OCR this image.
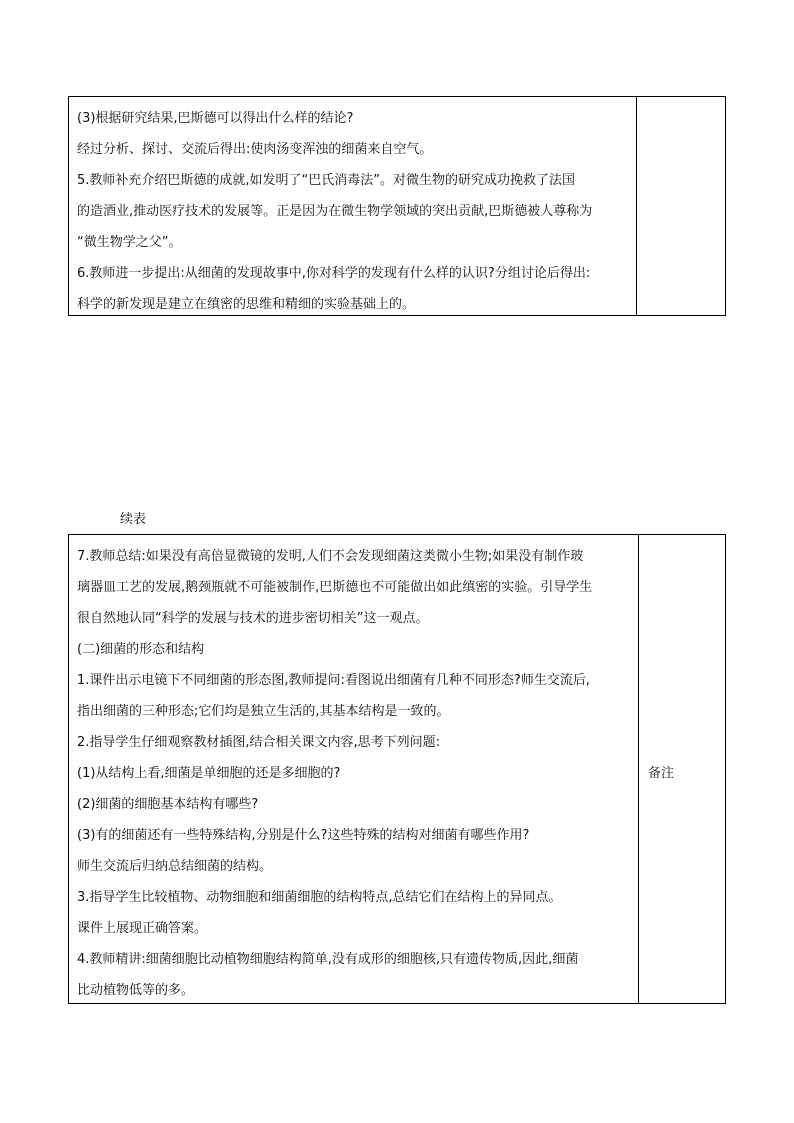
(3)根据研究结果,巴斯德可以得出什么样的结论?

经过分析、探讨、交流后得出:使肉汤变浑浊的细菌来自空气。

5.教师补充介绍巴斯德的成就,如发明了“巴氏消毒法”。对微生物的研究成功挽救了法国

的造酒业,推动医疗技术的发展等。正是因为在微生物学领域的突出贡献,巴斯德被人尊称为

“微生物学之父”。

6.教师进一步提出:从细菌的发现故事中,你对科学的发现有什么样的认识?分组讨论后得出:

科学的新发现是建立在缜密的思维和精细的实验基础上的。

续表

7.教师总结:如果没有高倍显微镜的发明,人们不会发现细菌这类微小生物;如果没有制作玻

璃器皿工艺的发展,鹅颈瓶就不可能被制作,巴斯德也不可能做出如此缜密的实验。引导学生

很自然地认同“科学的发展与技术的进步密切相关”这一观点。

(二)细菌的形态和结构

1.课件出示电镜下不同细菌的形态图,教师提问:看图说出细菌有几种不同形态?师生交流后,

指出细菌的三种形态;它们均是独立生活的,其基本结构是一致的。

2.指导学生仔细观察教材插图,结合相关课文内容,思考下列问题:

(1)从结构上看,细菌是单细胞的还是多细胞的?

(2)细菌的细胞基本结构有哪些?

(3)有的细菌还有一些特殊结构,分别是什么?这些特殊的结构对细菌有哪些作用?

师生交流后归纳总结细菌的结构。

3.指导学生比较植物、动物细胞和细菌细胞的结构特点,总结它们在结构上的异同点。

课件上展现正确答案。

4.教师精讲:细菌细胞比动植物细胞结构简单,没有成形的细胞核,只有遗传物质,因此,细菌

比动植物低等的多。

备注
